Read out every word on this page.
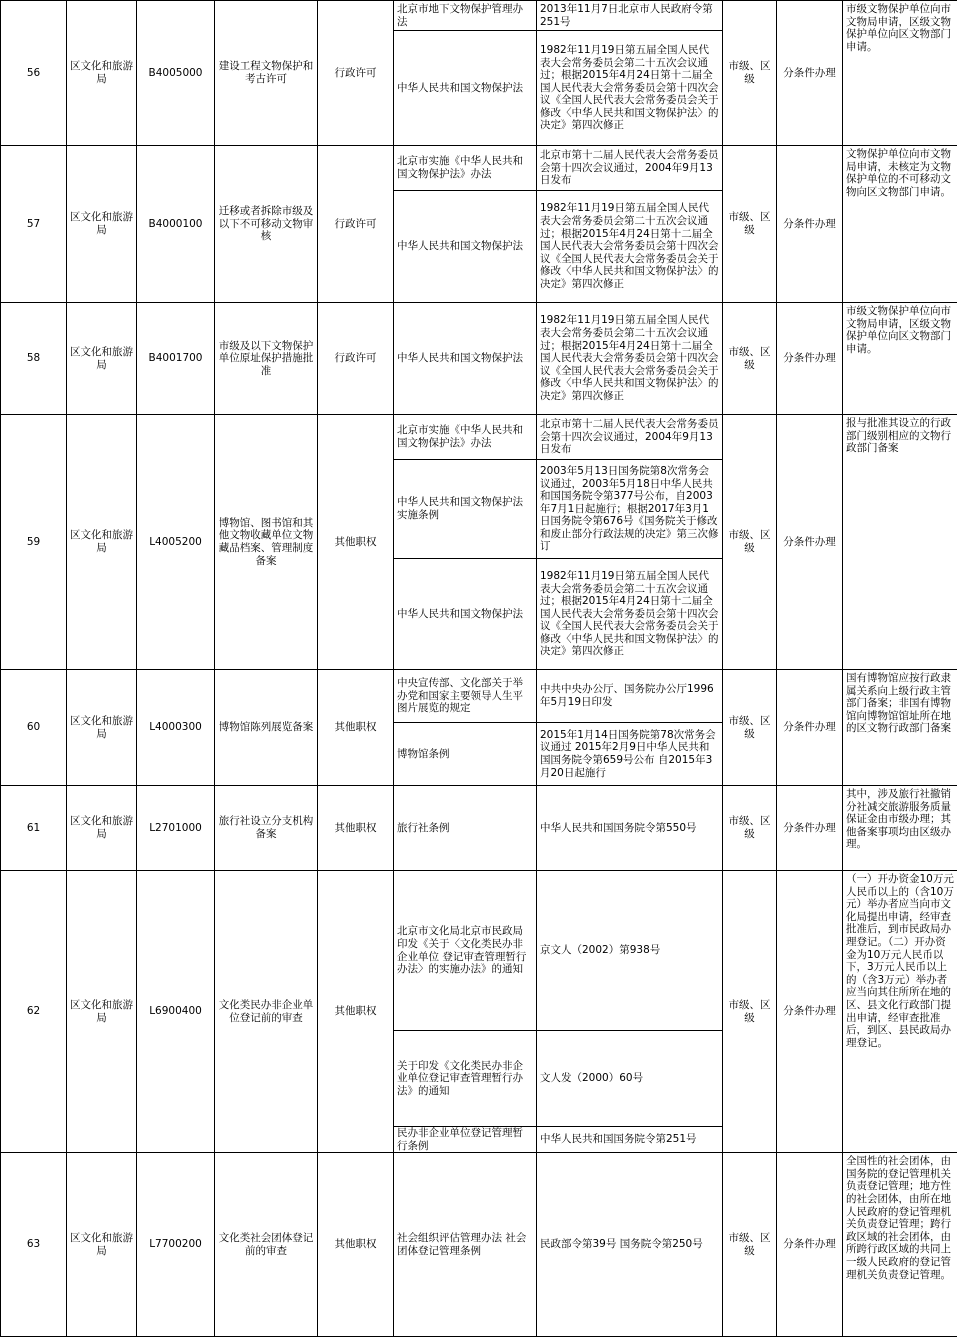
56	区文化和旅游局	B4005000	建设工程文物保护和考古许可	行政许可	北京市地下文物保护管理办法	2013年11月7日北京市人民政府令第251号	市级、区级	分条件办理	市级文物保护单位向市文物局申请，区级文物保护单位向区文物部门申请。
					中华人民共和国文物保护法	1982年11月19日第五届全国人民代表大会常务委员会第二十五次会议通过；根据2015年4月24日第十二届全国人民代表大会常务委员会第十四次会议《全国人民代表大会常务委员会关于修改〈中华人民共和国文物保护法〉的决定》第四次修正			
57	区文化和旅游局	B4000100	迁移或者拆除市级及以下不可移动文物审核	行政许可	北京市实施《中华人民共和国文物保护法》办法	北京市第十二届人民代表大会常务委员会第十四次会议通过，2004年9月13日发布	市级、区级	分条件办理	文物保护单位向市文物局申请，未核定为文物保护单位的不可移动文物向区文物部门申请。
					中华人民共和国文物保护法	1982年11月19日第五届全国人民代表大会常务委员会第二十五次会议通过；根据2015年4月24日第十二届全国人民代表大会常务委员会第十四次会议《全国人民代表大会常务委员会关于修改〈中华人民共和国文物保护法〉的决定》第四次修正			
58	区文化和旅游局	B4001700	市级及以下文物保护单位原址保护措施批准	行政许可	中华人民共和国文物保护法	1982年11月19日第五届全国人民代表大会常务委员会第二十五次会议通过；根据2015年4月24日第十二届全国人民代表大会常务委员会第十四次会议《全国人民代表大会常务委员会关于修改〈中华人民共和国文物保护法〉的决定》第四次修正	市级、区级	分条件办理	市级文物保护单位向市文物局申请，区级文物保护单位向区文物部门申请。
59	区文化和旅游局	L4005200	博物馆、图书馆和其他文物收藏单位文物藏品档案、管理制度备案	其他职权	北京市实施《中华人民共和国文物保护法》办法	北京市第十二届人民代表大会常务委员会第十四次会议通过，2004年9月13日发布	市级、区级	分条件办理	报与批准其设立的行政部门级别相应的文物行政部门备案
					中华人民共和国文物保护法实施条例	2003年5月13日国务院第8次常务会议通过，2003年5月18日中华人民共和国国务院令第377号公布，自2003年7月1日起施行；根据2017年3月1日国务院令第676号《国务院关于修改和废止部分行政法规的决定》第三次修订			
					中华人民共和国文物保护法	1982年11月19日第五届全国人民代表大会常务委员会第二十五次会议通过；根据2015年4月24日第十二届全国人民代表大会常务委员会第十四次会议《全国人民代表大会常务委员会关于修改〈中华人民共和国文物保护法〉的决定》第四次修正			
60	区文化和旅游局	L4000300	博物馆陈列展览备案	其他职权	中央宣传部、文化部关于举办党和国家主要领导人生平图片展览的规定	中共中央办公厅、国务院办公厅1996年5月19日印发	市级、区级	分条件办理	国有博物馆应按行政隶属关系向上级行政主管部门备案；非国有博物馆向博物馆馆址所在地的区文物行政部门备案
					博物馆条例	2015年1月14日国务院第78次常务会议通过 2015年2月9日中华人民共和国国务院令第659号公布 自2015年3月20日起施行			
61	区文化和旅游局	L2701000	旅行社设立分支机构备案	其他职权	旅行社条例	中华人民共和国国务院令第550号	市级、区级	分条件办理	其中，涉及旅行社撤销分社减交旅游服务质量保证金由市级办理；其他备案事项均由区级办理。
62	区文化和旅游局	L6900400	文化类民办非企业单位登记前的审查	其他职权	北京市文化局北京市民政局印发《关于〈文化类民办非企业单位 登记审查管理暂行办法〉的实施办法》的通知	京文人（2002）第938号	市级、区级	分条件办理	（一）开办资金10万元人民币以上的（含10万元）举办者应当向市文化局提出申请，经审查批准后，到市民政局办理登记。（二）开办资金为10万元人民币以下，3万元人民币以上的（含3万元）举办者应当向其住所所在地的区、县文化行政部门提出申请，经审查批准后，到区、县民政局办理登记。
					关于印发《文化类民办非企业单位登记审查管理暂行办法》的通知	文人发（2000）60号			
					民办非企业单位登记管理暂行条例	中华人民共和国国务院令第251号			
63	区文化和旅游局	L7700200	文化类社会团体登记前的审查	其他职权	社会组织评估管理办法 社会团体登记管理条例	民政部令第39号 国务院令第250号	市级、区级	分条件办理	全国性的社会团体，由国务院的登记管理机关负责登记管理；地方性的社会团体，由所在地人民政府的登记管理机关负责登记管理；跨行政区域的社会团体，由所跨行政区域的共同上一级人民政府的登记管理机关负责登记管理。
